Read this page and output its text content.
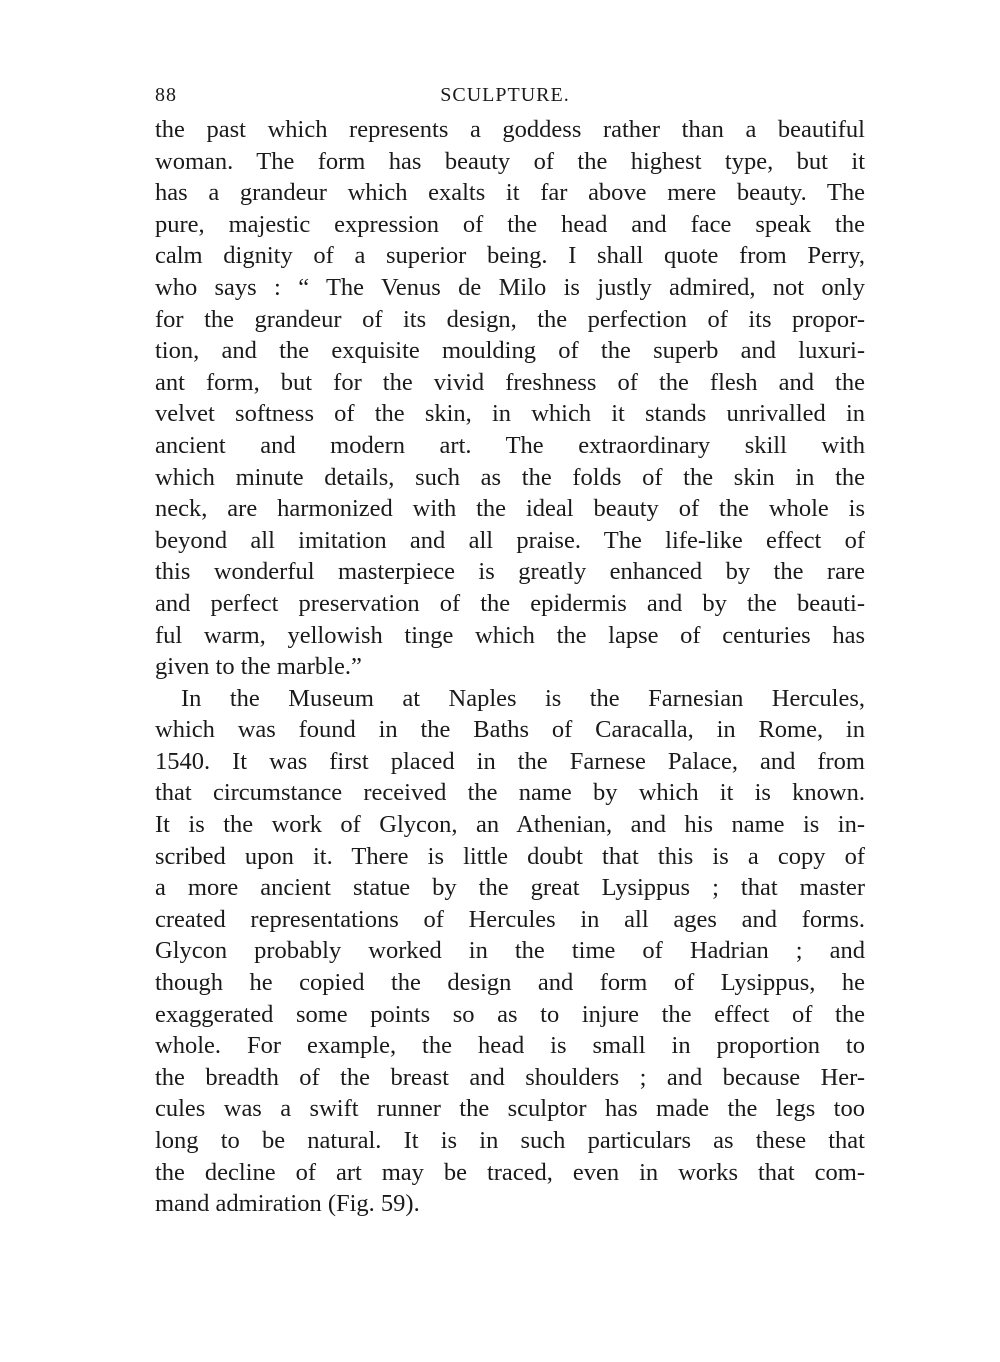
88	SCULPTURE.
the past which represents a goddess rather than a beautiful
woman. The form has beauty of the highest type, but it
has a grandeur which exalts it far above mere beauty. The
pure, majestic expression of the head and face speak the
calm dignity of a superior being. I shall quote from Perry,
who says : “ The Venus de Milo is justly admired, not only
for the grandeur of its design, the perfection of its propor-
tion, and the exquisite moulding of the superb and luxuri-
ant form, but for the vivid freshness of the flesh and the
velvet softness of the skin, in which it stands unrivalled in
ancient and modern art. The extraordinary skill with
which minute details, such as the folds of the skin in the
neck, are harmonized with the ideal beauty of the whole is
beyond all imitation and all praise. The life-like effect of
this wonderful masterpiece is greatly enhanced by the rare
and perfect preservation of the epidermis and by the beauti-
ful warm, yellowish tinge which the lapse of centuries has
given to the marble.”
In the Museum at Naples is the Farnesian Hercules,
which was found in the Baths of Caracalla, in Rome, in
1540. It was first placed in the Farnese Palace, and from
that circumstance received the name by which it is known.
It is the work of Glycon, an Athenian, and his name is in-
scribed upon it. There is little doubt that this is a copy of
a more ancient statue by the great Lysippus ; that master
created representations of Hercules in all ages and forms.
Glycon probably worked in the time of Hadrian ; and
though he copied the design and form of Lysippus, he
exaggerated some points so as to injure the effect of the
whole. For example, the head is small in proportion to
the breadth of the breast and shoulders ; and because Her-
cules was a swift runner the sculptor has made the legs too
long to be natural. It is in such particulars as these that
the decline of art may be traced, even in works that com-
mand admiration (Fig. 59).
